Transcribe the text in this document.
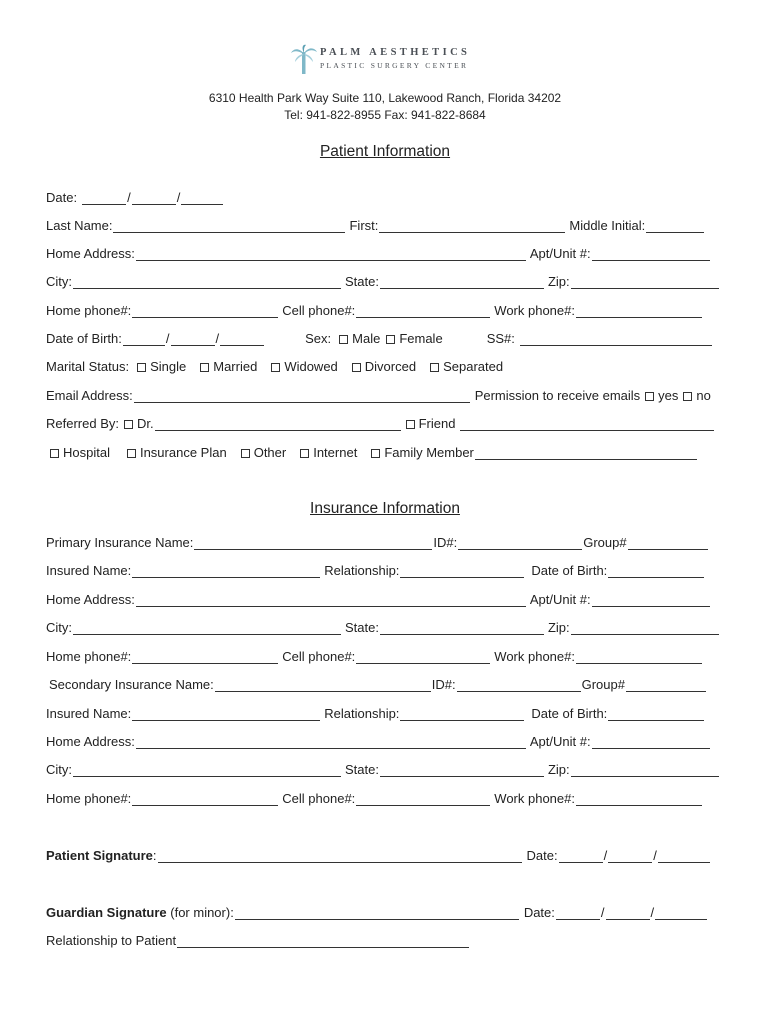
PALM AESTHETICS
PLASTIC SURGERY CENTER
6310 Health Park Way Suite 110, Lakewood Ranch, Florida 34202
Tel: 941-822-8955 Fax: 941-822-8684
Patient Information
Date:	/	/
Last Name:	First:	Middle Initial:
Home Address:	Apt/Unit #:
City:	State:	Zip:
Home phone#:	Cell phone#:	Work phone#:
Date of Birth:	/	/	Sex: Male Female	SS#:
Marital Status: Single Married Widowed Divorced Separated
Email Address:	Permission to receive emails yes no
Referred By: Dr.	Friend
Hospital Insurance Plan Other Internet Family Member
Insurance Information
Primary Insurance Name:	ID#:	Group#
Insured Name:	Relationship:	Date of Birth:
Home Address:	Apt/Unit #:
City:	State:	Zip:
Home phone#:	Cell phone#:	Work phone#:
Secondary Insurance Name:	ID#:	Group#
Insured Name:	Relationship:	Date of Birth:
Home Address:	Apt/Unit #:
City:	State:	Zip:
Home phone#:	Cell phone#:	Work phone#:
Patient Signature :	Date:	/	/
Guardian Signature (for minor):	Date:	/	/
Relationship to Patient
